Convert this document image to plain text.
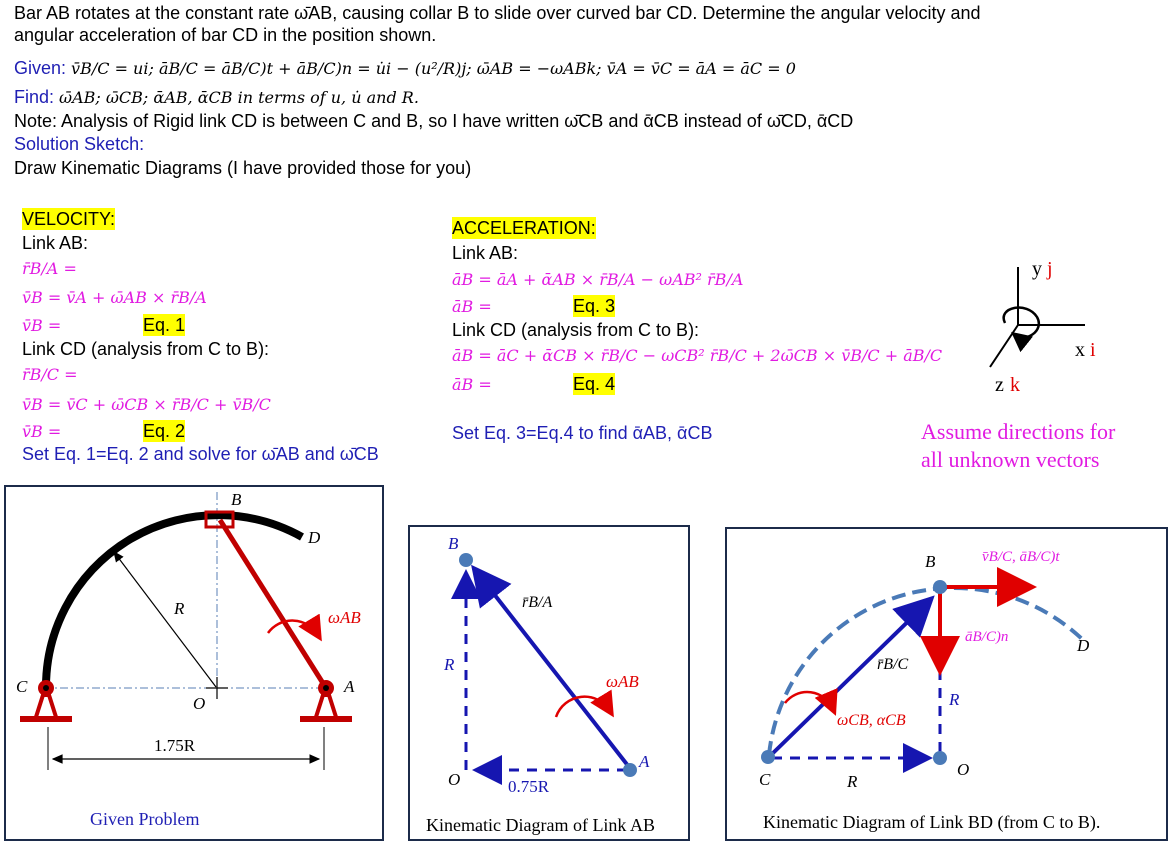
Bar AB rotates at the constant rate ω̄AB, causing collar B to slide over curved bar CD. Determine the angular velocity and
angular acceleration of bar CD in the position shown.
Given: v̄B/C = ui; āB/C = āB/C)t + āB/C)n = u̇i − (u²/R)j; ω̄AB = −ωABk; v̄A = v̄C = āA = āC = 0
Find: ω̄AB; ω̄CB; ᾱAB, ᾱCB in terms of u, u̇ and R.
Note: Analysis of Rigid link CD is between C and B, so I have written ω̄CB and ᾱCB instead of ω̄CD, ᾱCD
Solution Sketch:
Draw Kinematic Diagrams (I have provided those for you)
VELOCITY:
Link AB:
r̄B/A =
v̄B = v̄A + ω̄AB × r̄B/A
v̄B =	Eq. 1
Link CD (analysis from C to B):
r̄B/C =
v̄B = v̄C + ω̄CB × r̄B/C + v̄B/C
v̄B =	Eq. 2
Set Eq. 1=Eq. 2 and solve for ω̄AB and ω̄CB
ACCELERATION:
Link AB:
āB = āA + ᾱAB × r̄B/A − ωAB² r̄B/A
āB =	Eq. 3
Link CD (analysis from C to B):
āB = āC + ᾱCB × r̄B/C − ωCB² r̄B/C + 2ω̄CB × v̄B/C + āB/C
āB =	Eq. 4
Set Eq. 3=Eq.4 to find ᾱAB, ᾱCB
y j
x i
z k
Assume directions for
all unknown vectors
B
D
C	A
O
R	ωAB
1.75R
Given Problem
B
A
O
R
r̄B/A
ωAB
0.75R
Kinematic Diagram of Link AB
B
C
D
O
R
R
r̄B/C
ωCB, αCB
v̄B/C, āB/C)t
āB/C)n
Kinematic Diagram of Link BD (from C to B).
